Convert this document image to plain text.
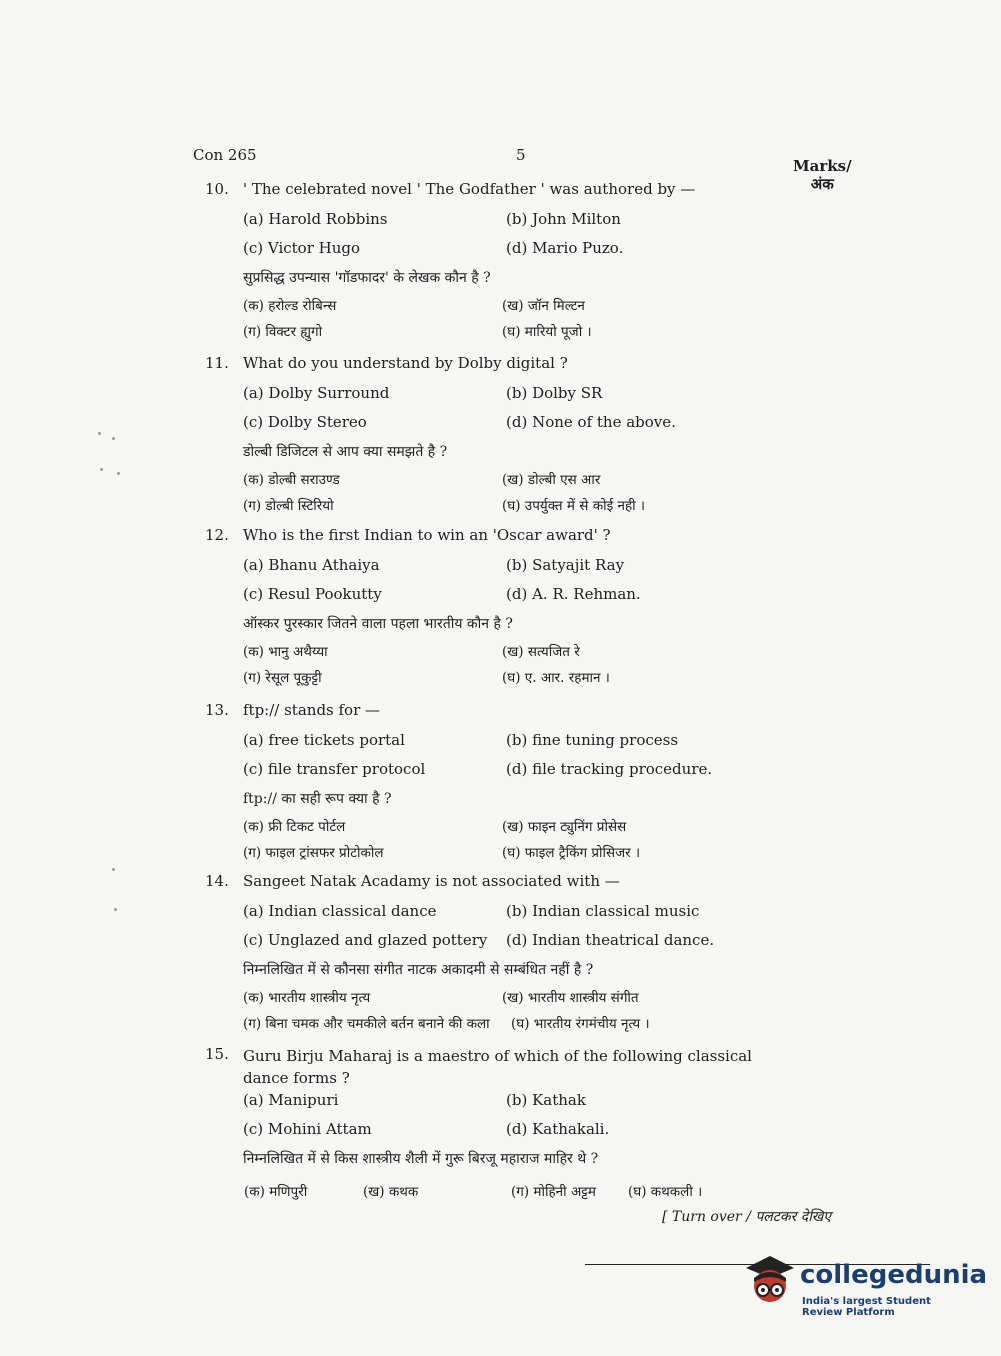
Con 265	5
Marks/
अंक
10. ' The celebrated novel ' The Godfather ' was authored by —
(a) Harold Robbins	(b) John Milton
(c) Victor Hugo	(d) Mario Puzo.
सुप्रसिद्ध उपन्यास 'गॉडफादर' के लेखक कौन है ?
(क) हरोल्ड रोबिन्स	(ख) जॉन मिल्टन
(ग) विक्टर ह्युगो	(घ) मारियो पूजो ।
11. What do you understand by Dolby digital ?
(a) Dolby Surround	(b) Dolby SR
(c) Dolby Stereo	(d) None of the above.
डोल्बी डिजिटल से आप क्या समझते है ?
(क) डोल्बी सराउण्ड	(ख) डोल्बी एस आर
(ग) डोल्बी स्टिरियो	(घ) उपर्युक्त में से कोई नही ।
12. Who is the first Indian to win an 'Oscar award' ?
(a) Bhanu Athaiya	(b) Satyajit Ray
(c) Resul Pookutty	(d) A. R. Rehman.
ऑस्कर पुरस्कार जितने वाला पहला भारतीय कौन है ?
(क) भानु अथैय्या	(ख) सत्यजित रे
(ग) रेसूल पूकुट्टी	(घ) ए. आर. रहमान ।
13. ftp:// stands for —
(a) free tickets portal	(b) fine tuning process
(c) file transfer protocol	(d) file tracking procedure.
ftp:// का सही रूप क्या है ?
(क) फ्री टिकट पोर्टल	(ख) फाइन ट्युनिंग प्रोसेस
(ग) फाइल ट्रांसफर प्रोटोकोल	(घ) फाइल ट्रैकिंग प्रोसिजर ।
14. Sangeet Natak Acadamy is not associated with —
(a) Indian classical dance	(b) Indian classical music
(c) Unglazed and glazed pottery (d) Indian theatrical dance.
निम्नलिखित में से कौनसा संगीत नाटक अकादमी से सम्बंधित नहीं है ?
(क) भारतीय शास्त्रीय नृत्य	(ख) भारतीय शास्त्रीय संगीत
(ग) बिना चमक और चमकीले बर्तन बनाने की कला (घ) भारतीय रंगमंचीय नृत्य ।
15. Guru Birju Maharaj is a maestro of which of the following classical dance forms ?
(a) Manipuri	(b) Kathak
(c) Mohini Attam	(d) Kathakali.
निम्नलिखित में से किस शास्त्रीय शैली में गुरू बिरजू महाराज माहिर थे ?
(क) मणिपुरी	(ख) कथक	(ग) मोहिनी अट्टम (घ) कथकली ।
[ Turn over / पलटकर देखिए
collegedunia
India's largest Student Review Platform
